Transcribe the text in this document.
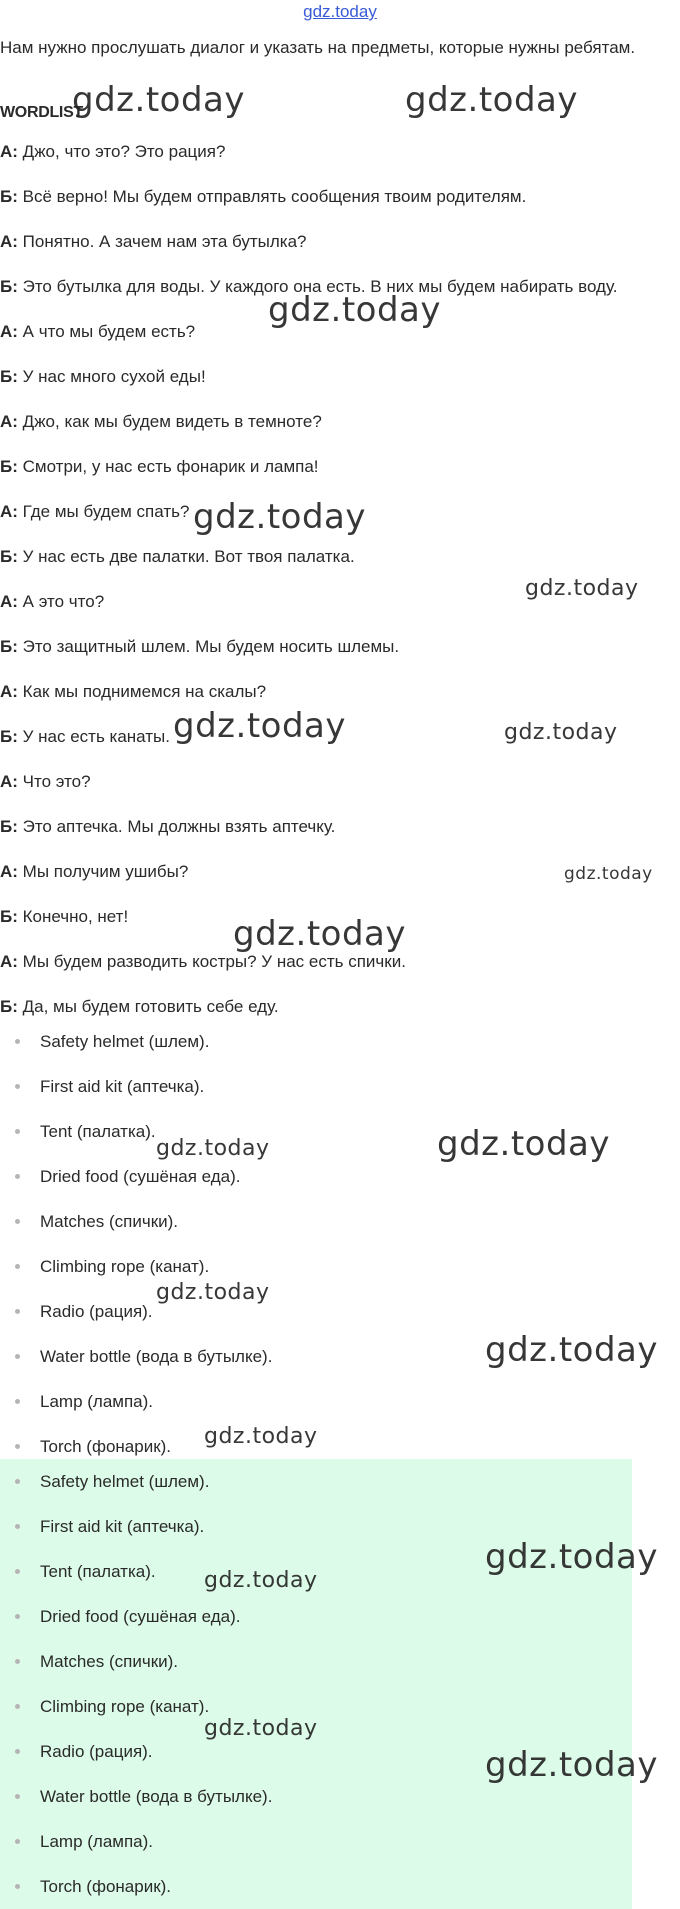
gdz.today

Нам нужно прослушать диалог и указать на предметы, которые нужны ребятам.

WORDLIST
А: Джо, что это? Это рация?
Б: Всё верно! Мы будем отправлять сообщения твоим родителям.
А: Понятно. А зачем нам эта бутылка?
Б: Это бутылка для воды. У каждого она есть. В них мы будем набирать воду.
А: А что мы будем есть?
Б: У нас много сухой еды!
А: Джо, как мы будем видеть в темноте?
Б: Смотри, у нас есть фонарик и лампа!
А: Где мы будем спать?
Б: У нас есть две палатки. Вот твоя палатка.
А: А это что?
Б: Это защитный шлем. Мы будем носить шлемы.
А: Как мы поднимемся на скалы?
Б: У нас есть канаты.
А: Что это?
Б: Это аптечка. Мы должны взять аптечку.
А: Мы получим ушибы?
Б: Конечно, нет!
А: Мы будем разводить костры? У нас есть спички.
Б: Да, мы будем готовить себе еду.
Safety helmet (шлем).
First aid kit (аптечка).
Tent (палатка).
Dried food (сушёная еда).
Matches (спички).
Climbing rope (канат).
Radio (рация).
Water bottle (вода в бутылке).
Lamp (лампа).
Torch (фонарик).
Safety helmet (шлем).
First aid kit (аптечка).
Tent (палатка).
Dried food (сушёная еда).
Matches (спички).
Climbing rope (канат).
Radio (рация).
Water bottle (вода в бутылке).
Lamp (лампа).
Torch (фонарик).
gdz.today	gdz.today
gdz.today
gdz.today
gdz.today
gdz.today	gdz.today
gdz.today
gdz.today
gdz.today
gdz.today
gdz.today
gdz.today
gdz.today
gdz.today
gdz.today
gdz.today
gdz.today
